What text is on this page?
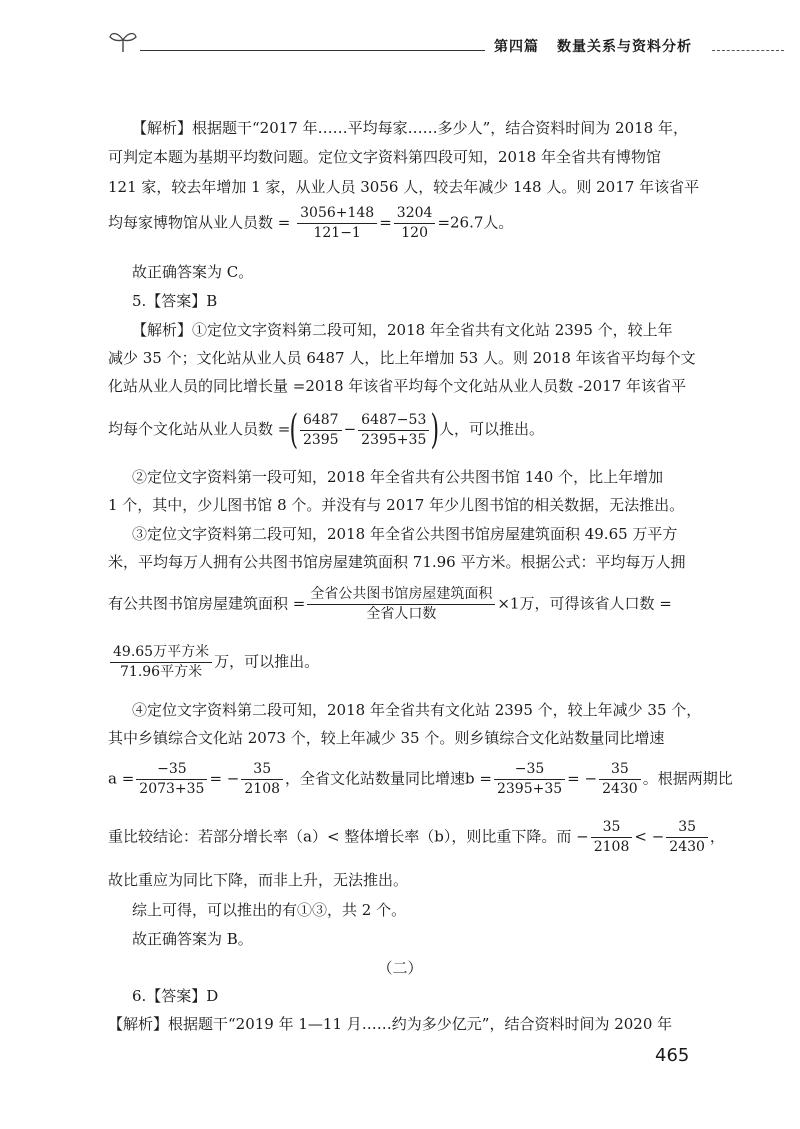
第四篇 数量关系与资料分析
【解析】根据题干“2017 年……平均每家……多少人”，结合资料时间为 2018 年，
可判定本题为基期平均数问题。定位文字资料第四段可知，2018 年全省共有博物馆
121 家，较去年增加 1 家，从业人员 3056 人，较去年减少 148 人。则 2017 年该省平
均每家博物馆从业人员数 = $\frac{3056+148}{121-1} = \frac{3204}{120} =26.7$人。
故正确答案为 C。
5.【答案】B
【解析】①定位文字资料第二段可知，2018 年全省共有文化站 2395 个，较上年
减少 35 个；文化站从业人员 6487 人，比上年增加 53 人。则 2018 年该省平均每个文
化站从业人员的同比增长量 =2018 年该省平均每个文化站从业人员数 -2017 年该省平
均每个文化站从业人员数 =( $\frac{6487}{2395} - \frac{6487-53}{2395+35}$ )人，可以推出。
②定位文字资料第一段可知，2018 年全省共有公共图书馆 140 个，比上年增加
1 个，其中，少儿图书馆 8 个。并没有与 2017 年少儿图书馆的相关数据，无法推出。
③定位文字资料第二段可知，2018 年全省公共图书馆房屋建筑面积 49.65 万平方
米，平均每万人拥有公共图书馆房屋建筑面积 71.96 平方米。根据公式：平均每万人拥
有公共图书馆房屋建筑面积 = $\frac{\text{全省公共图书馆房屋建筑面积}}{\text{全省人口数}} \times 1$万，可得该省人口数 =
$\frac{\text{49.65万平方米}}{\text{71.96平方米}}$ 万，可以推出。
④定位文字资料第二段可知，2018 年全省共有文化站 2395 个，较上年减少 35 个，
其中乡镇综合文化站 2073 个，较上年减少 35 个。则乡镇综合文化站数量同比增速
$a = \frac{-35}{2073+35}$ = − $\frac{35}{2108}$ ，全省文化站数量同比增速$b = \frac{-35}{2395+35}$ = − $\frac{35}{2430}$ 。根据两期比
重比较结论：若部分增长率（a）< 整体增长率（b），则比重下降。而 − $\frac{35}{2108}$ < − $\frac{35}{2430}$ ，
故比重应为同比下降，而非上升，无法推出。
综上可得，可以推出的有①③，共 2 个。
故正确答案为 B。
（二）
6.【答案】D
【解析】根据题干“2019 年 1—11 月……约为多少亿元”，结合资料时间为 2020 年
465
